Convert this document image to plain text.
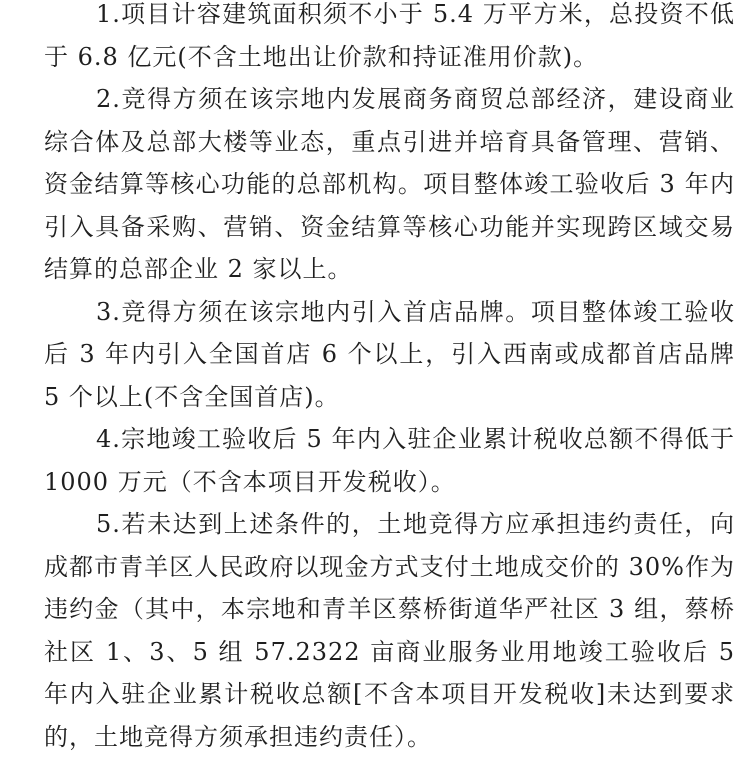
1.项目计容建筑面积须不小于 5.4 万平方米，总投资不低于 6.8 亿元(不含土地出让价款和持证准用价款)。

2.竞得方须在该宗地内发展商务商贸总部经济，建设商业综合体及总部大楼等业态，重点引进并培育具备管理、营销、资金结算等核心功能的总部机构。项目整体竣工验收后 3 年内引入具备采购、营销、资金结算等核心功能并实现跨区域交易结算的总部企业 2 家以上。

3.竞得方须在该宗地内引入首店品牌。项目整体竣工验收后 3 年内引入全国首店 6 个以上，引入西南或成都首店品牌 5 个以上(不含全国首店)。

4.宗地竣工验收后 5 年内入驻企业累计税收总额不得低于 1000 万元（不含本项目开发税收）。

5.若未达到上述条件的，土地竞得方应承担违约责任，向成都市青羊区人民政府以现金方式支付土地成交价的 30%作为违约金（其中，本宗地和青羊区蔡桥街道华严社区 3 组，蔡桥社区 1、3、5 组 57.2322 亩商业服务业用地竣工验收后 5 年内入驻企业累计税收总额[不含本项目开发税收]未达到要求的，土地竞得方须承担违约责任）。
